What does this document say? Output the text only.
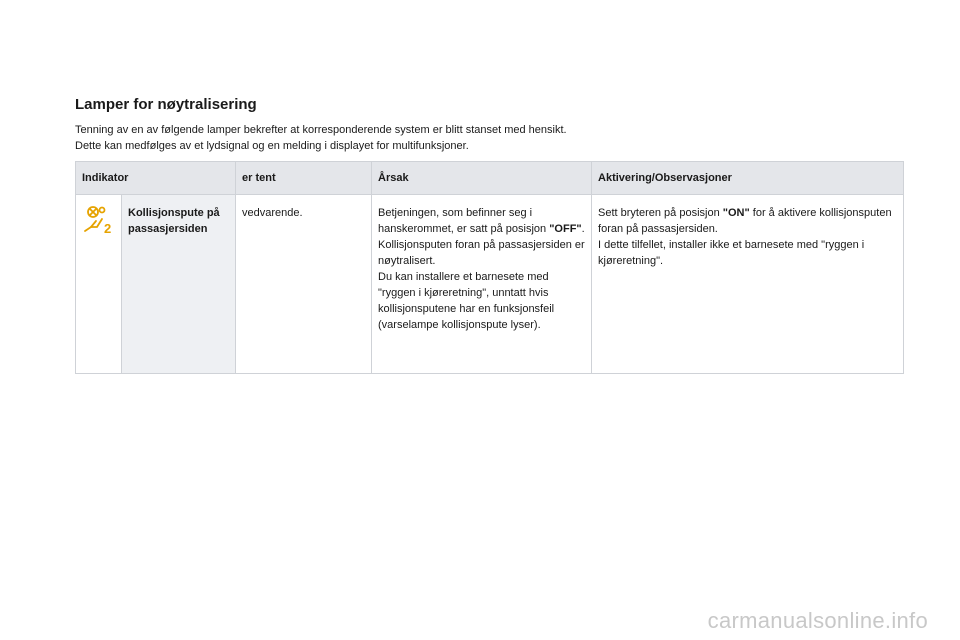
Lamper for nøytralisering

Tenning av en av følgende lamper bekrefter at korresponderende system er blitt stanset med hensikt.

Dette kan medfølges av et lydsignal og en melding i displayet for multifunksjoner.

Indikator		er tent	Årsak	Aktivering/Observasjoner

2	Kollisjonspute på passasjersiden	vedvarende.	Betjeningen, som befinner seg i hanskerommet, er satt på posisjon "OFF".
Kollisjonsputen foran på passasjersiden er nøytralisert.
Du kan installere et barnesete med "ryggen i kjøreretning", unntatt hvis kollisjonsputene har en funksjonsfeil (varselampe kollisjonspute lyser).	Sett bryteren på posisjon "ON" for å aktivere kollisjonsputen foran på passasjersiden.
I dette tilfellet, installer ikke et barnesete med "ryggen i kjøreretning".
carmanualsonline.info
